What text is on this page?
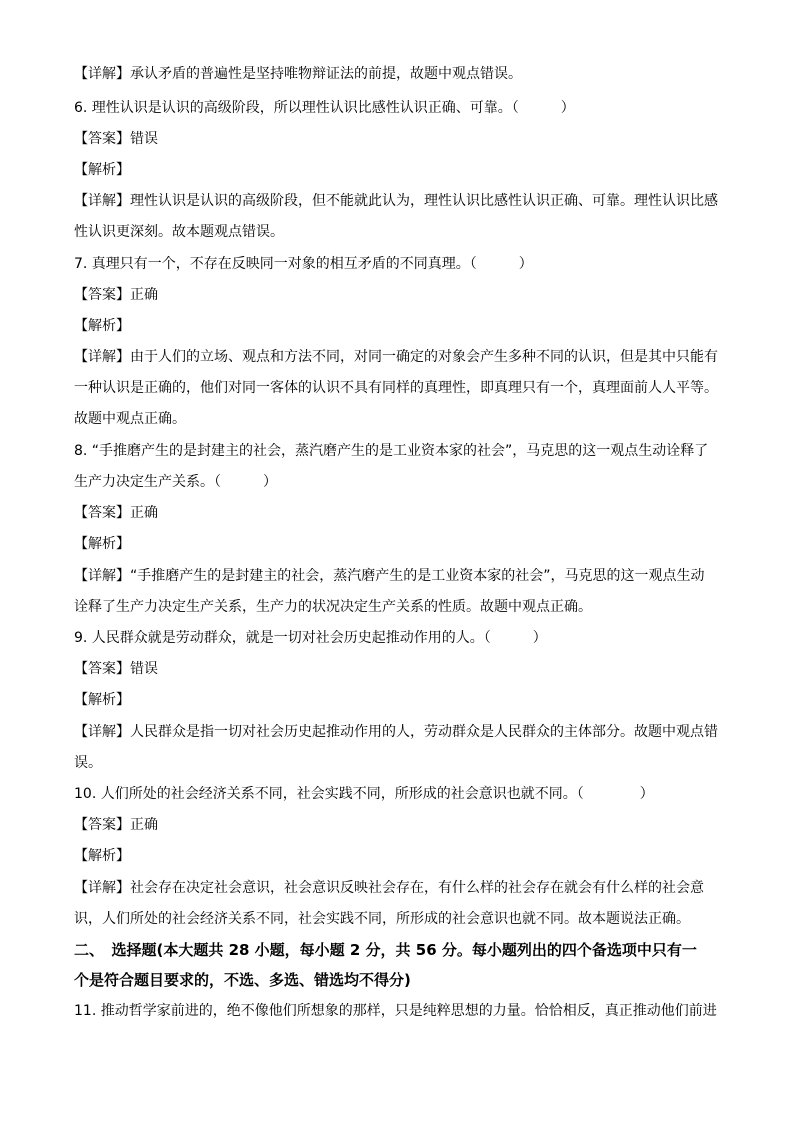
【详解】承认矛盾的普遍性是坚持唯物辩证法的前提，故题中观点错误。
6. 理性认识是认识的高级阶段，所以理性认识比感性认识正确、可靠。（　　　）
【答案】错误
【解析】
【详解】理性认识是认识的高级阶段，但不能就此认为，理性认识比感性认识正确、可靠。理性认识比感
性认识更深刻。故本题观点错误。
7. 真理只有一个，不存在反映同一对象的相互矛盾的不同真理。（　　　）
【答案】正确
【解析】
【详解】由于人们的立场、观点和方法不同，对同一确定的对象会产生多种不同的认识，但是其中只能有
一种认识是正确的，他们对同一客体的认识不具有同样的真理性，即真理只有一个，真理面前人人平等。
故题中观点正确。
8. “手推磨产生的是封建主的社会，蒸汽磨产生的是工业资本家的社会”，马克思的这一观点生动诠释了
生产力决定生产关系。（　　　）
【答案】正确
【解析】
【详解】“手推磨产生的是封建主的社会，蒸汽磨产生的是工业资本家的社会”，马克思的这一观点生动
诠释了生产力决定生产关系，生产力的状况决定生产关系的性质。故题中观点正确。
9. 人民群众就是劳动群众，就是一切对社会历史起推动作用的人。（　　　）
【答案】错误
【解析】
【详解】人民群众是指一切对社会历史起推动作用的人，劳动群众是人民群众的主体部分。故题中观点错
误。
10. 人们所处的社会经济关系不同，社会实践不同，所形成的社会意识也就不同。（　　　　）
【答案】正确
【解析】
【详解】社会存在决定社会意识，社会意识反映社会存在，有什么样的社会存在就会有什么样的社会意
识，人们所处的社会经济关系不同，社会实践不同，所形成的社会意识也就不同。故本题说法正确。
二、　选择题(本大题共 28 小题，每小题 2 分，共 56 分。每小题列出的四个备选项中只有一
个是符合题目要求的，不选、多选、错选均不得分)
11. 推动哲学家前进的，绝不像他们所想象的那样，只是纯粹思想的力量。恰恰相反，真正推动他们前进
